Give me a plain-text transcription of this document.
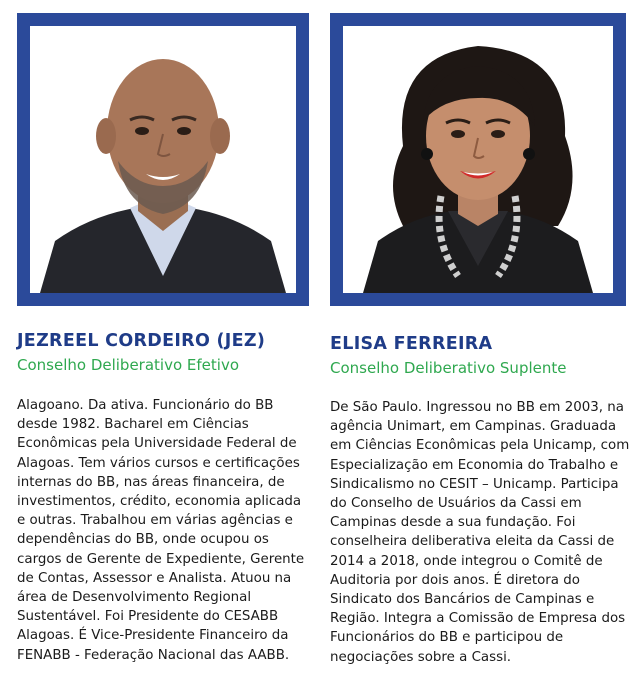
JEZREEL CORDEIRO (JEZ)

Conselho Deliberativo Efetivo

Alagoano. Da ativa. Funcionário do BB desde 1982. Bacharel em Ciências Econômicas pela Universidade Federal de Alagoas. Tem vários cursos e certificações internas do BB, nas áreas financeira, de investimentos, crédito, economia aplicada e outras. Trabalhou em várias agências e dependências do BB, onde ocupou os cargos de Gerente de Expediente, Gerente de Contas, Assessor e Analista. Atuou na área de Desenvolvimento Regional Sustentável. Foi Presidente do CESABB Alagoas. É Vice-Presidente Financeiro da FENABB - Federação Nacional das AABB.

ELISA FERREIRA

Conselho Deliberativo Suplente

De São Paulo. Ingressou no BB em 2003, na agência Unimart, em Campinas. Graduada em Ciências Econômicas pela Unicamp, com Especialização em Economia do Trabalho e Sindicalismo no CESIT – Unicamp. Participa do Conselho de Usuários da Cassi em Campinas desde a sua fundação. Foi conselheira deliberativa eleita da Cassi de 2014 a 2018, onde integrou o Comitê de Auditoria por dois anos. É diretora do Sindicato dos Bancários de Campinas e Região. Integra a Comissão de Empresa dos Funcionários do BB e participou de negociações sobre a Cassi.
